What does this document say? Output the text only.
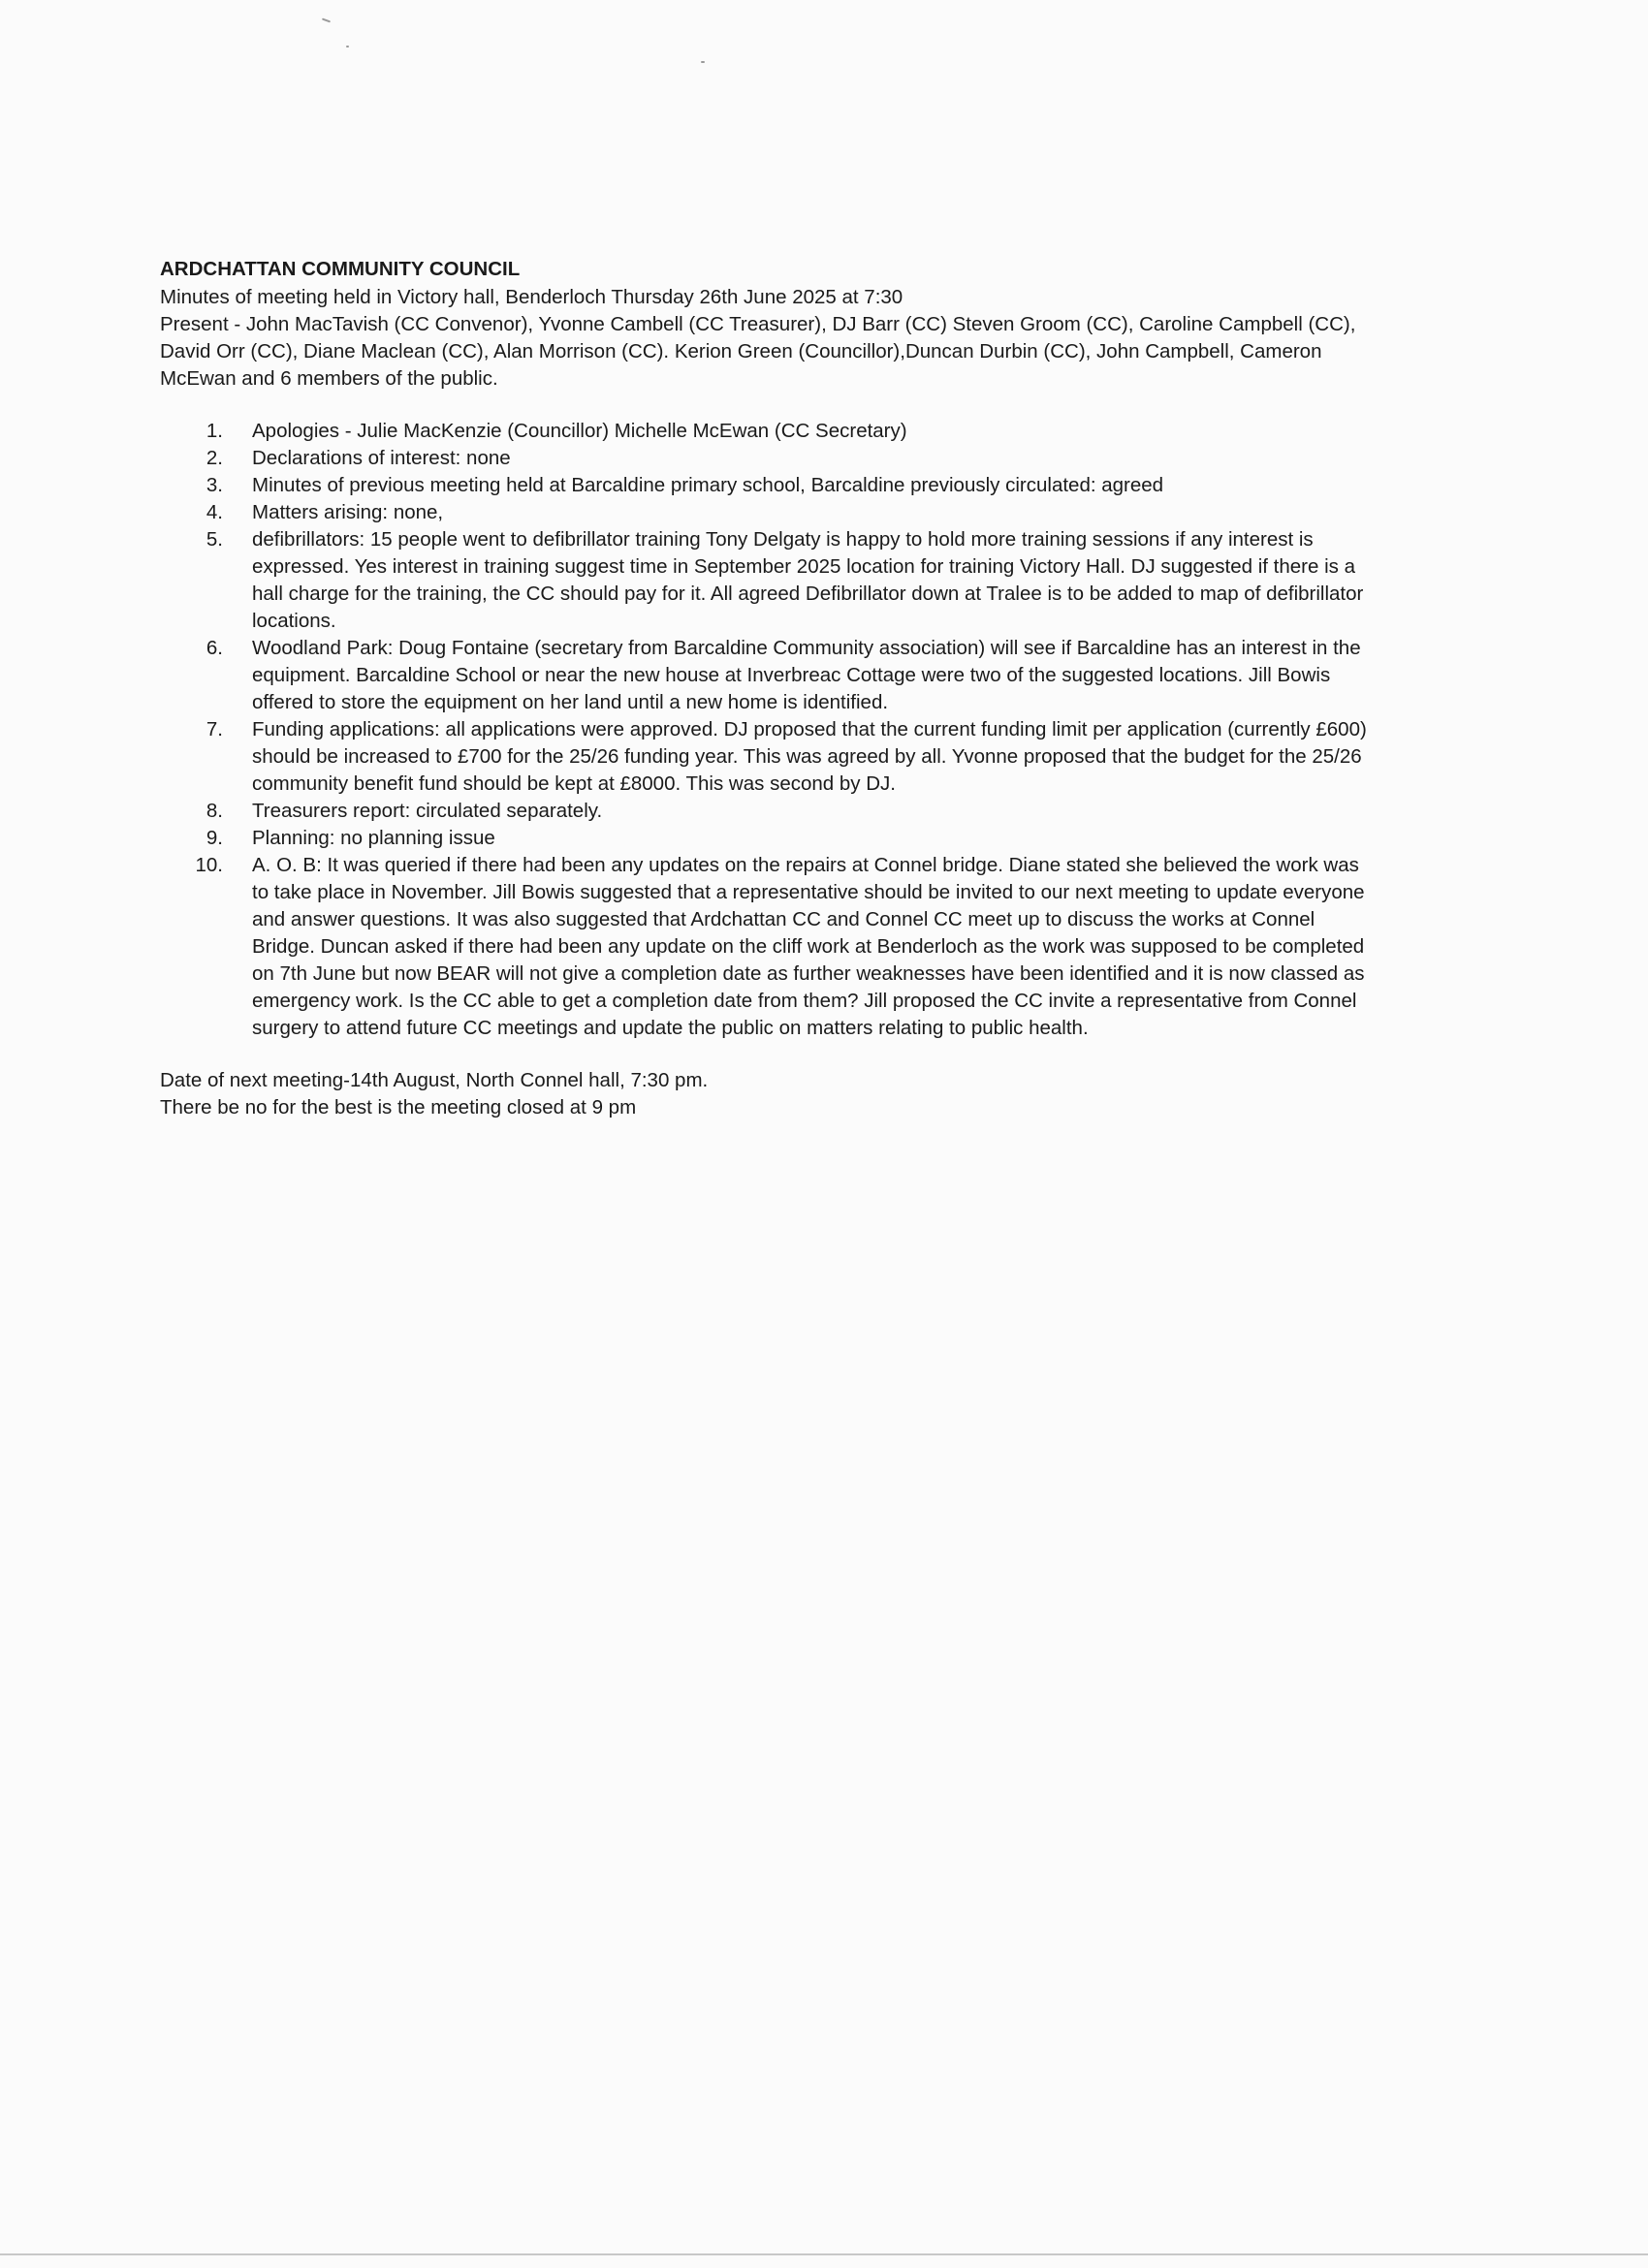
ARDCHATTAN COMMUNITY COUNCIL

Minutes of meeting held in Victory hall, Benderloch Thursday 26th June 2025 at 7:30

Present - John MacTavish (CC Convenor), Yvonne Cambell (CC Treasurer), DJ Barr (CC) Steven Groom (CC), Caroline Campbell (CC), David Orr (CC), Diane Maclean (CC), Alan Morrison (CC). Kerion Green (Councillor),Duncan Durbin (CC), John Campbell, Cameron McEwan and 6 members of the public.

1.	Apologies - Julie MacKenzie (Councillor) Michelle McEwan (CC Secretary)
2.	Declarations of interest: none
3.	Minutes of previous meeting held at Barcaldine primary school, Barcaldine previously circulated: agreed
4.	Matters arising: none,
5.	defibrillators: 15 people went to defibrillator training Tony Delgaty is happy to hold more training sessions if any interest is expressed. Yes interest in training suggest time in September 2025 location for training Victory Hall. DJ suggested if there is a hall charge for the training, the CC should pay for it. All agreed Defibrillator down at Tralee is to be added to map of defibrillator locations.
6.	Woodland Park: Doug Fontaine (secretary from Barcaldine Community association) will see if Barcaldine has an interest in the equipment. Barcaldine School or near the new house at Inverbreac Cottage were two of the suggested locations. Jill Bowis offered to store the equipment on her land until a new home is identified.
7.	Funding applications: all applications were approved. DJ proposed that the current funding limit per application (currently £600) should be increased to £700 for the 25/26 funding year. This was agreed by all. Yvonne proposed that the budget for the 25/26 community benefit fund should be kept at £8000. This was second by DJ.
8.	Treasurers report: circulated separately.
9.	Planning: no planning issue
10.	A. O. B: It was queried if there had been any updates on the repairs at Connel bridge. Diane stated she believed the work was to take place in November. Jill Bowis suggested that a representative should be invited to our next meeting to update everyone and answer questions. It was also suggested that Ardchattan CC and Connel CC meet up to discuss the works at Connel Bridge. Duncan asked if there had been any update on the cliff work at Benderloch as the work was supposed to be completed on 7th June but now BEAR will not give a completion date as further weaknesses have been identified and it is now classed as emergency work. Is the CC able to get a completion date from them? Jill proposed the CC invite a representative from Connel surgery to attend future CC meetings and update the public on matters relating to public health.

Date of next meeting-14th August, North Connel hall, 7:30 pm.

There be no for the best is the meeting closed at 9 pm
